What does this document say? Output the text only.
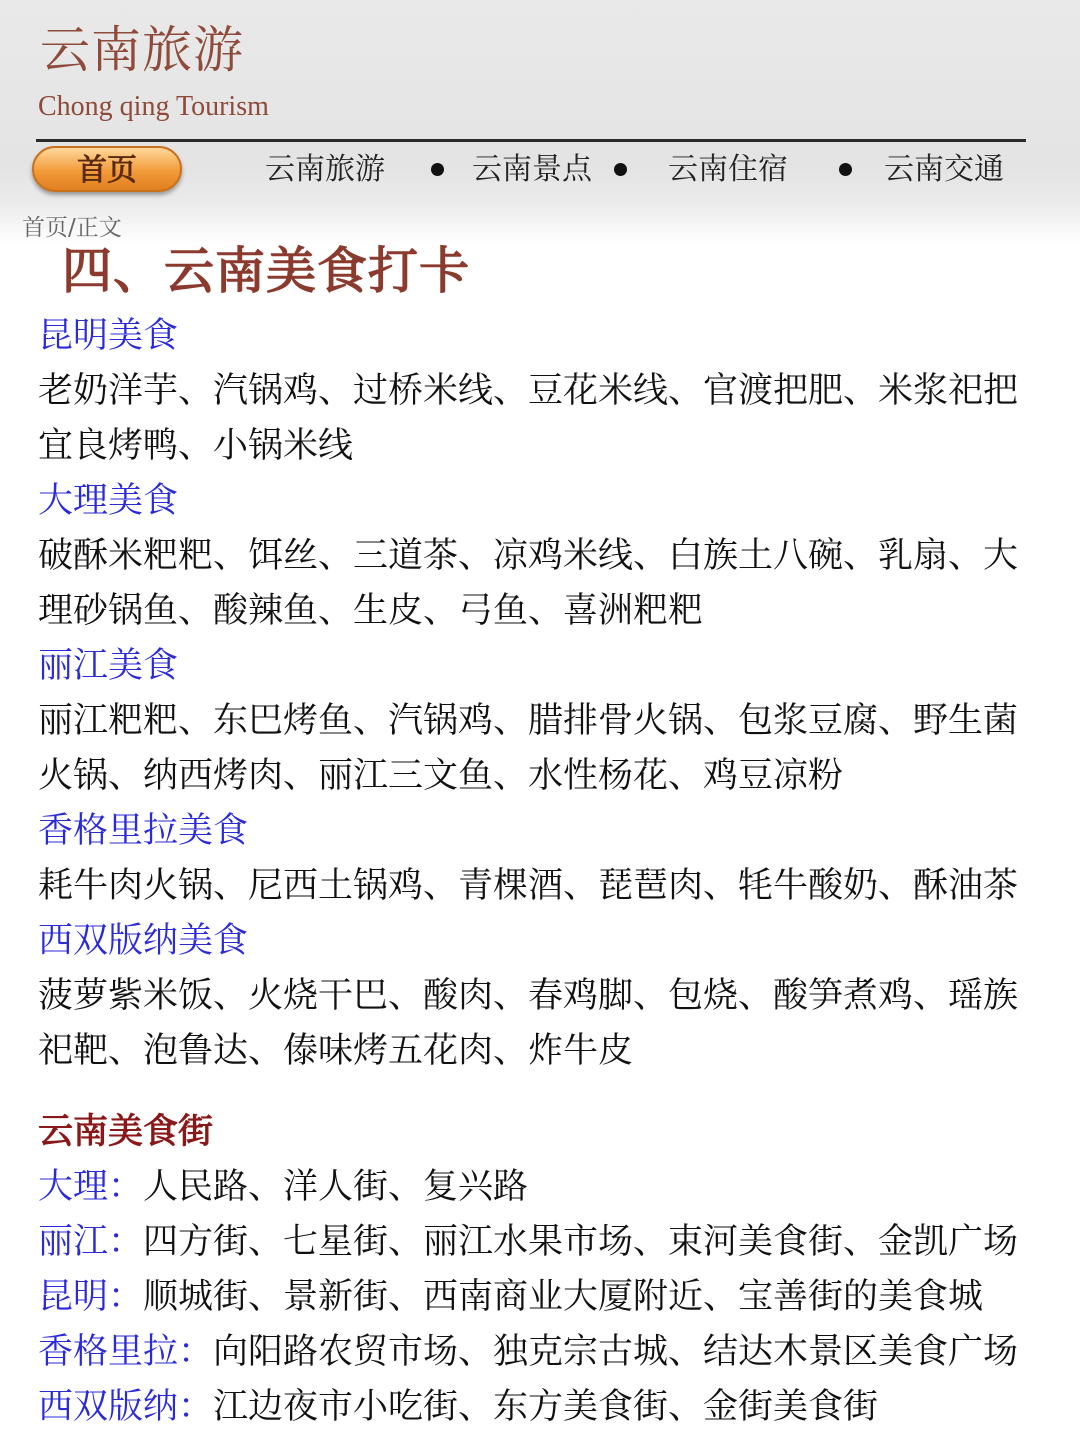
云南旅游
Chong qing Tourism
首页	云南旅游	云南景点	云南住宿	云南交通
首页/正文
四、云南美食打卡
昆明美食
老奶洋芋、汽锅鸡、过桥米线、豆花米线、官渡把肥、米浆祀把
宜良烤鸭、小锅米线
大理美食
破酥米粑粑、饵丝、三道茶、凉鸡米线、白族土八碗、乳扇、大
理砂锅鱼、酸辣鱼、生皮、弓鱼、喜洲粑粑
丽江美食
丽江粑粑、东巴烤鱼、汽锅鸡、腊排骨火锅、包浆豆腐、野生菌
火锅、纳西烤肉、丽江三文鱼、水性杨花、鸡豆凉粉
香格里拉美食
耗牛肉火锅、尼西土锅鸡、青棵酒、琵琶肉、牦牛酸奶、酥油茶
西双版纳美食
菠萝紫米饭、火烧干巴、酸肉、春鸡脚、包烧、酸笋煮鸡、瑶族
祀靶、泡鲁达、傣味烤五花肉、炸牛皮
云南美食街
大理：人民路、洋人街、复兴路
丽江：四方街、七星街、丽江水果市场、束河美食街、金凯广场
昆明：顺城街、景新街、西南商业大厦附近、宝善街的美食城
香格里拉：向阳路农贸市场、独克宗古城、结达木景区美食广场
西双版纳：江边夜市小吃街、东方美食街、金街美食街
